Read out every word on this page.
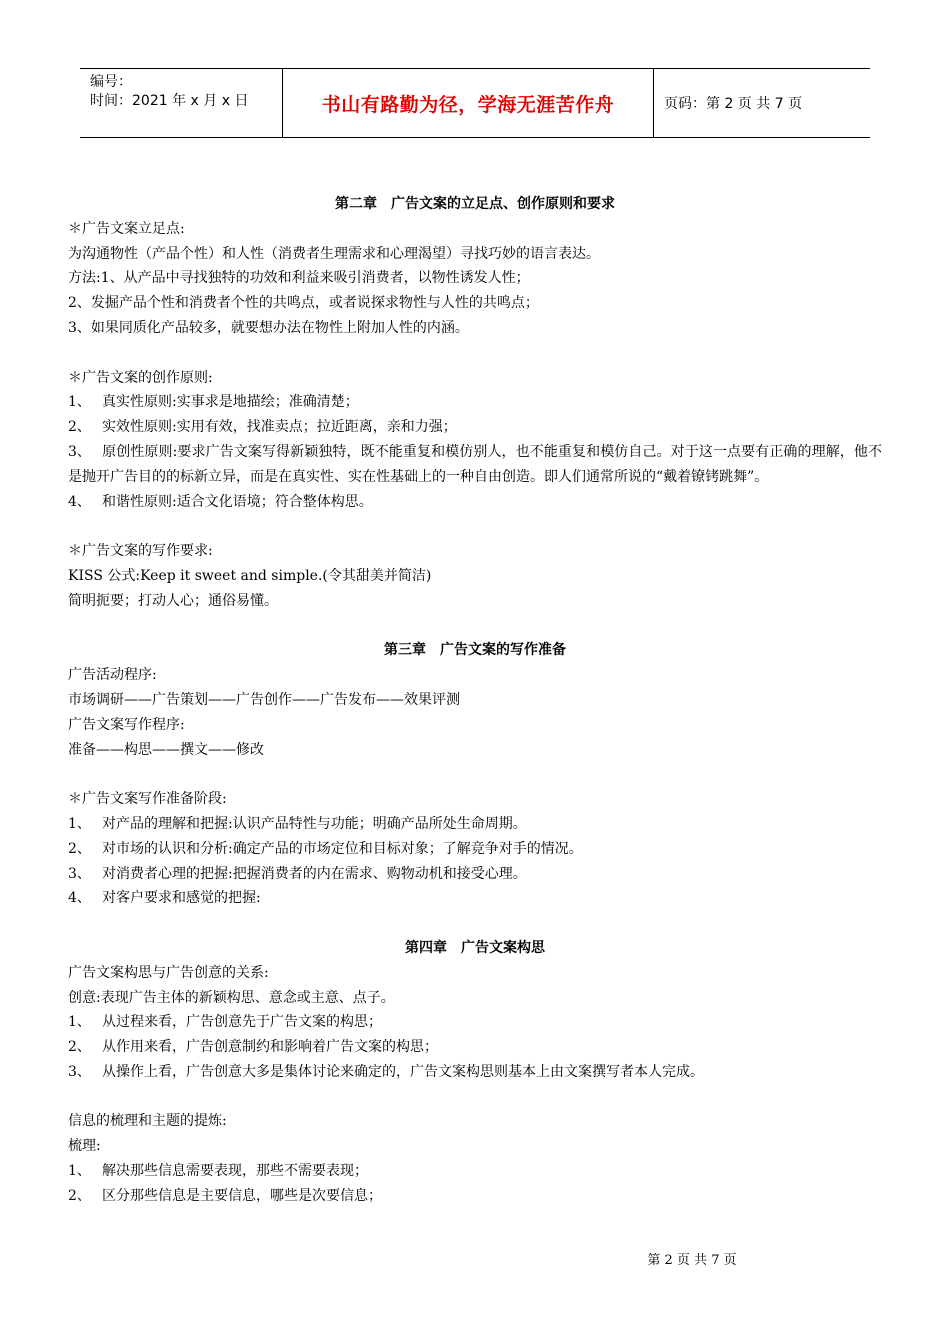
编号：
时间：2021 年 x 月 x 日	书山有路勤为径，学海无涯苦作舟	页码：第 2 页 共 7 页
第二章　广告文案的立足点、创作原则和要求
＊广告文案立足点:
为沟通物性（产品个性）和人性（消费者生理需求和心理渴望）寻找巧妙的语言表达。
方法:1、从产品中寻找独特的功效和利益来吸引消费者，以物性诱发人性；
2、发掘产品个性和消费者个性的共鸣点，或者说探求物性与人性的共鸣点；
3、如果同质化产品较多，就要想办法在物性上附加人性的内涵。
＊广告文案的创作原则:
1、 真实性原则:实事求是地描绘；准确清楚；
2、 实效性原则:实用有效，找准卖点；拉近距离，亲和力强；
3、 原创性原则:要求广告文案写得新颖独特，既不能重复和模仿别人，也不能重复和模仿自己。对于这一点要有正确的理解，他不是抛开广告目的的标新立异，而是在真实性、实在性基础上的一种自由创造。即人们通常所说的“戴着镣铐跳舞”。
4、 和谐性原则:适合文化语境；符合整体构思。
＊广告文案的写作要求:
KISS 公式:Keep it sweet and simple.(令其甜美并简洁)
简明扼要；打动人心；通俗易懂。
第三章　广告文案的写作准备
广告活动程序:
市场调研——广告策划——广告创作——广告发布——效果评测
广告文案写作程序:
准备——构思——撰文——修改
＊广告文案写作准备阶段:
1、 对产品的理解和把握:认识产品特性与功能；明确产品所处生命周期。
2、 对市场的认识和分析:确定产品的市场定位和目标对象；了解竞争对手的情况。
3、 对消费者心理的把握:把握消费者的内在需求、购物动机和接受心理。
4、 对客户要求和感觉的把握:
第四章　广告文案构思
广告文案构思与广告创意的关系:
创意:表现广告主体的新颖构思、意念或主意、点子。
1、 从过程来看，广告创意先于广告文案的构思；
2、 从作用来看，广告创意制约和影响着广告文案的构思；
3、 从操作上看，广告创意大多是集体讨论来确定的，广告文案构思则基本上由文案撰写者本人完成。
信息的梳理和主题的提炼:
梳理:
1、 解决那些信息需要表现，那些不需要表现；
2、 区分那些信息是主要信息，哪些是次要信息；
第 2 页 共 7 页
